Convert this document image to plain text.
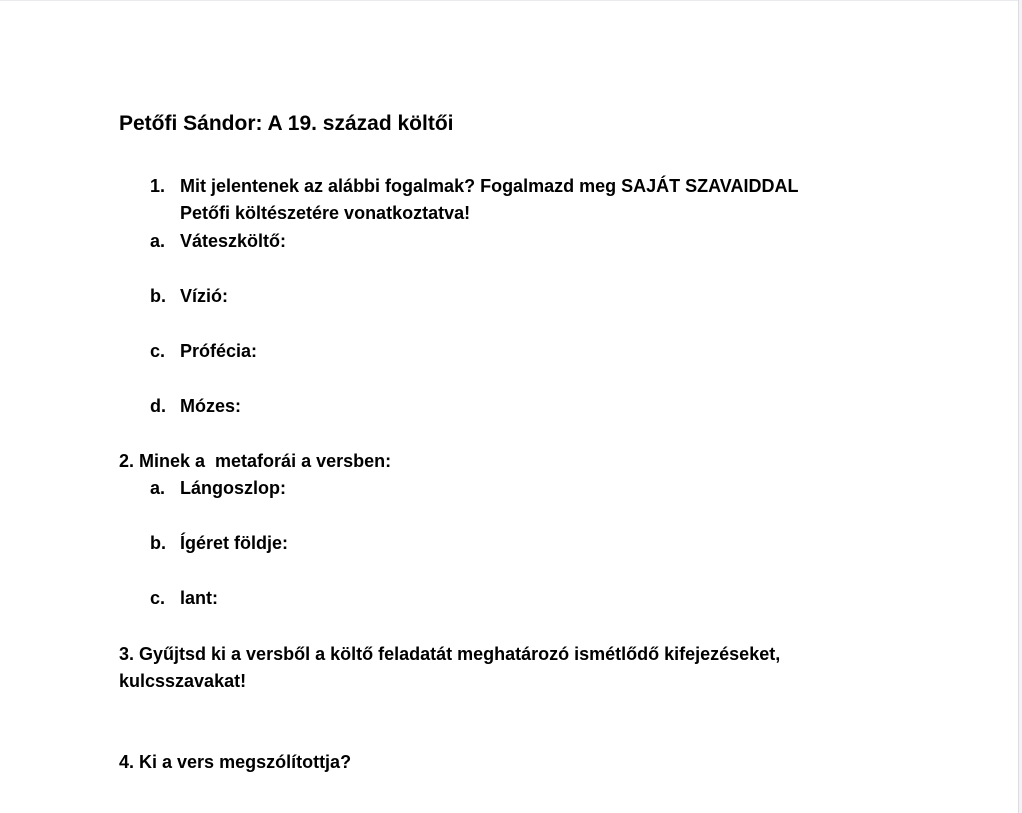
Petőfi Sándor: A 19. század költői
1. Mit jelentenek az alábbi fogalmak? Fogalmazd meg SAJÁT SZAVAIDDAL
Petőfi költészetére vonatkoztatva!
a. Váteszköltő:
b. Vízió:
c. Prófécia:
d. Mózes:
2. Minek a  metaforái a versben:
a. Lángoszlop:
b. Ígéret földje:
c. lant:
3. Gyűjtsd ki a versből a költő feladatát meghatározó ismétlődő kifejezéseket,
kulcsszavakat!
4. Ki a vers megszólítottja?
